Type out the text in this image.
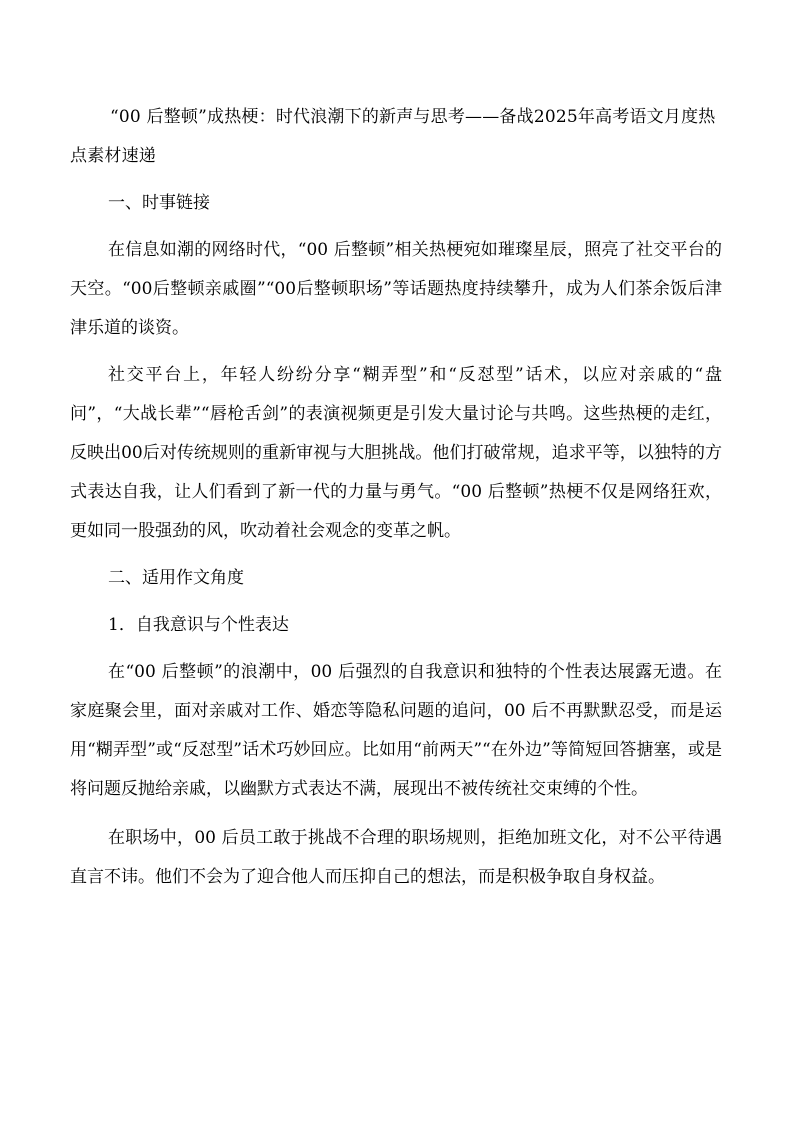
“00 后整顿”成热梗：时代浪潮下的新声与思考——备战2025年高考语文月度热点素材速递

一、时事链接

在信息如潮的网络时代，“00 后整顿”相关热梗宛如璀璨星辰，照亮了社交平台的天空。“00后整顿亲戚圈”“00后整顿职场”等话题热度持续攀升，成为人们茶余饭后津津乐道的谈资。

社交平台上，年轻人纷纷分享“糊弄型”和“反怼型”话术，以应对亲戚的“盘问”，“大战长辈”“唇枪舌剑”的表演视频更是引发大量讨论与共鸣。这些热梗的走红，反映出00后对传统规则的重新审视与大胆挑战。他们打破常规，追求平等，以独特的方式表达自我，让人们看到了新一代的力量与勇气。“00 后整顿”热梗不仅是网络狂欢，更如同一股强劲的风，吹动着社会观念的变革之帆。

二、适用作文角度

1．自我意识与个性表达

在“00 后整顿”的浪潮中，00 后强烈的自我意识和独特的个性表达展露无遗。在家庭聚会里，面对亲戚对工作、婚恋等隐私问题的追问，00 后不再默默忍受，而是运用“糊弄型”或“反怼型”话术巧妙回应。比如用“前两天”“在外边”等简短回答搪塞，或是将问题反抛给亲戚，以幽默方式表达不满，展现出不被传统社交束缚的个性。

在职场中，00 后员工敢于挑战不合理的职场规则，拒绝加班文化，对不公平待遇直言不讳。他们不会为了迎合他人而压抑自己的想法，而是积极争取自身权益。
